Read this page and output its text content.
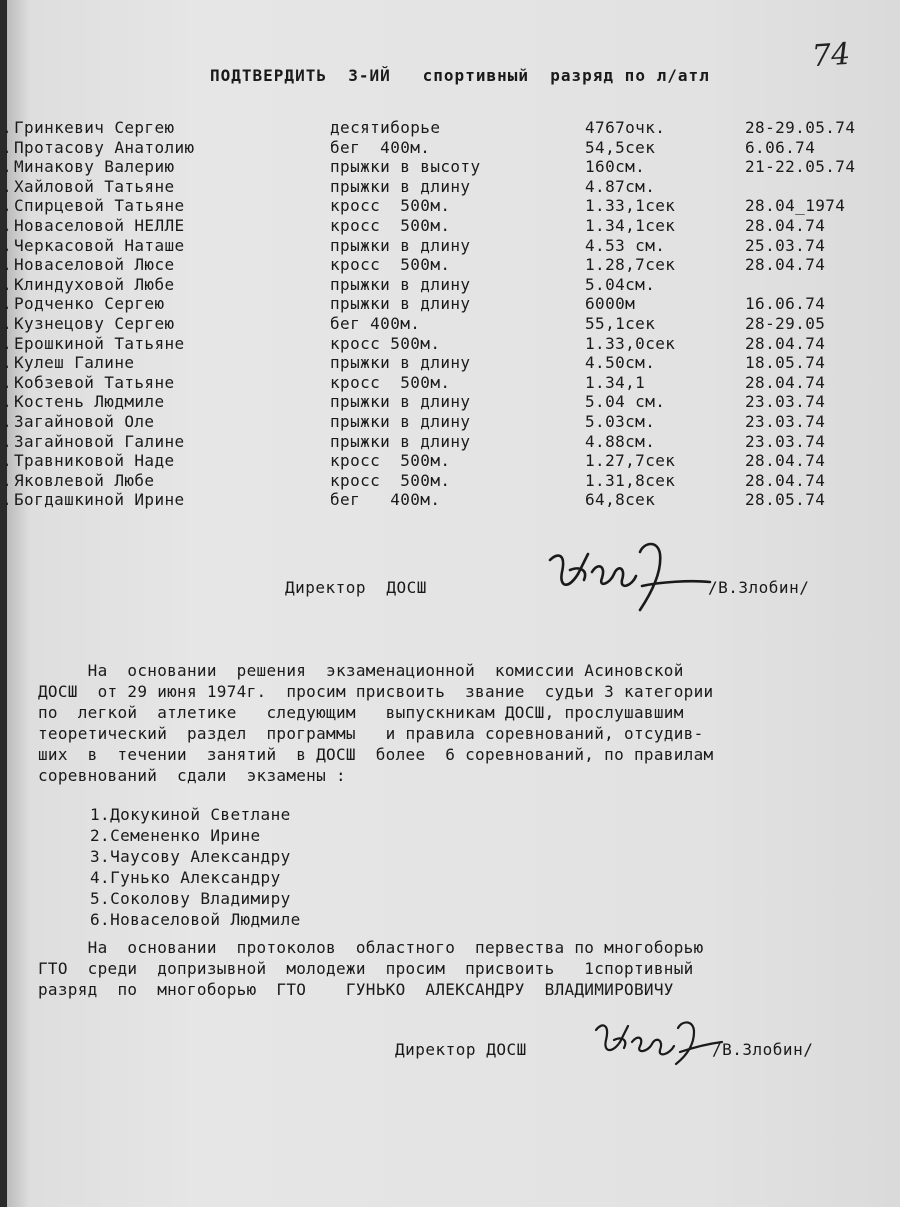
74
ПОДТВЕРДИТЬ  3-ИЙ   спортивный  разряд по л/атл
. Гринкевич Сергею	десятиборье	4767очк.	28-29.05.74
. Протасову Анатолию	бег  400м.	54,5сек	6.06.74
. Минакову Валерию	прыжки в высоту	160см.	21-22.05.74
. Хайловой Татьяне	прыжки в длину	4.87см.
. Спирцевой Татьяне	кросс  500м.	1.33,1сек	28.04_1974
. Новаселовой НЕЛЛЕ	кросс  500м.	1.34,1сек	28.04.74
. Черкасовой Наташе	прыжки в длину	4.53 см.	25.03.74
. Новаселовой Люсе	кросс  500м.	1.28,7сек	28.04.74
. Клиндуховой Любе	прыжки в длину	5.04см.
. Родченко Сергею	прыжки в длину	6000м	16.06.74
. Кузнецову Сергею	бег 400м.	55,1сек	28-29.05
. Ерошкиной Татьяне	кросс 500м.	1.33,0сек	28.04.74
. Кулеш Галине	прыжки в длину	4.50см.	18.05.74
. Кобзевой Татьяне	кросс  500м.	1.34,1	28.04.74
. Костень Людмиле	прыжки в длину	5.04 см.	23.03.74
. Загайновой Оле	прыжки в длину	5.03см.	23.03.74
. Загайновой Галине	прыжки в длину	4.88см.	23.03.74
. Травниковой Наде	кросс  500м.	1.27,7сек	28.04.74
. Яковлевой Любе	кросс  500м.	1.31,8сек	28.04.74
. Богдашкиной Ирине	бег   400м.	64,8сек	28.05.74
Директор  ДОСШ	/В.Злобин/
На  основании  решения  экзаменационной  комиссии Асиновской
ДОСШ  от 29 июня 1974г.  просим присвоить  звание  судьи 3 категории
по  легкой  атлетике   следующим   выпускникам ДОСШ, прослушавшим
теоретический  раздел  программы   и правила соревнований, отсудив-
ших  в  течении  занятий  в ДОСШ  более  6 соревнований, по правилам
соревнований  сдали  экзамены :
1.Докукиной Светлане
2.Семененко Ирине
3.Чаусову Александру
4.Гунько Александру
5.Соколову Владимиру
6.Новаселовой Людмиле
На  основании  протоколов  областного  первества по многоборью
ГТО  среди  допризывной  молодежи  просим  присвоить   1спортивный
разряд  по  многоборью  ГТО    ГУНЬКО  АЛЕКСАНДРУ  ВЛАДИМИРОВИЧУ
Директор ДОСШ	/В.Злобин/
